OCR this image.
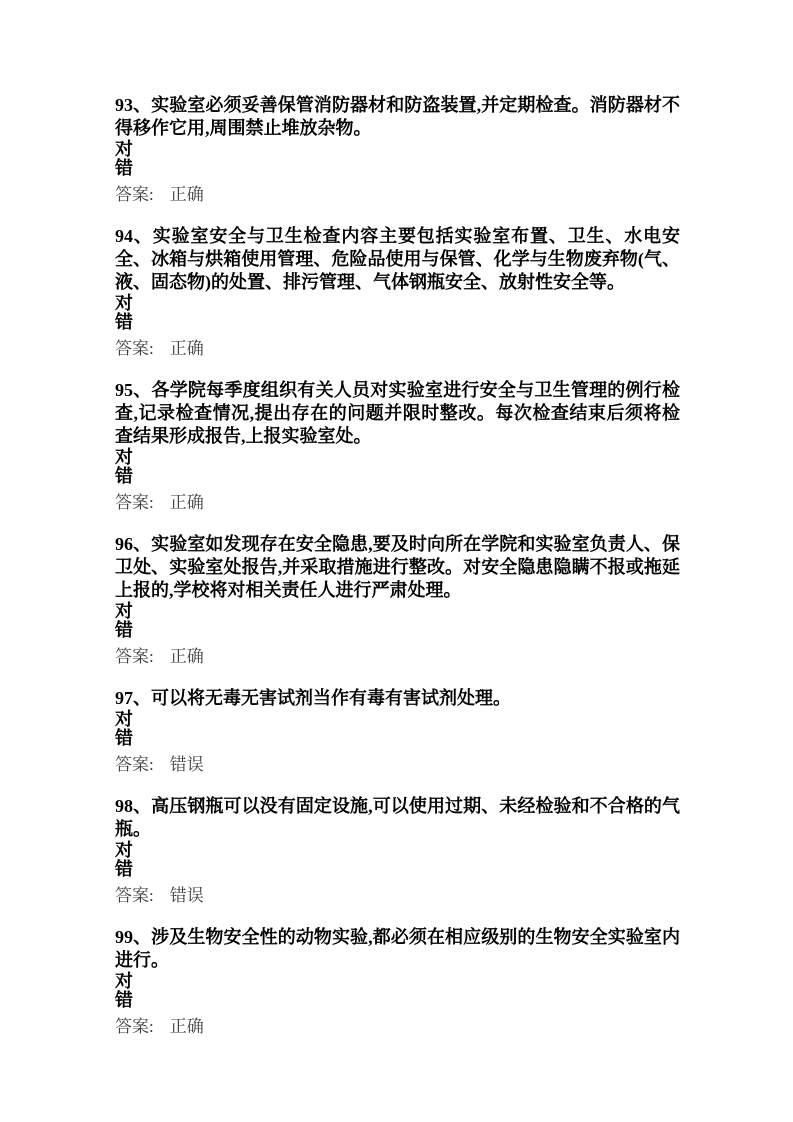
93、实验室必须妥善保管消防器材和防盗装置,并定期检查。消防器材不得移作它用,周围禁止堆放杂物。

对

错

答案: 正确

94、实验室安全与卫生检查内容主要包括实验室布置、卫生、水电安全、冰箱与烘箱使用管理、危险品使用与保管、化学与生物废弃物(气、液、固态物)的处置、排污管理、气体钢瓶安全、放射性安全等。

对

错

答案: 正确

95、各学院每季度组织有关人员对实验室进行安全与卫生管理的例行检查,记录检查情况,提出存在的问题并限时整改。每次检查结束后须将检查结果形成报告,上报实验室处。

对

错

答案: 正确

96、实验室如发现存在安全隐患,要及时向所在学院和实验室负责人、保卫处、实验室处报告,并采取措施进行整改。对安全隐患隐瞒不报或拖延上报的,学校将对相关责任人进行严肃处理。

对

错

答案: 正确

97、可以将无毒无害试剂当作有毒有害试剂处理。

对

错

答案: 错误

98、高压钢瓶可以没有固定设施,可以使用过期、未经检验和不合格的气瓶。

对

错

答案: 错误

99、涉及生物安全性的动物实验,都必须在相应级别的生物安全实验室内进行。

对

错

答案: 正确
